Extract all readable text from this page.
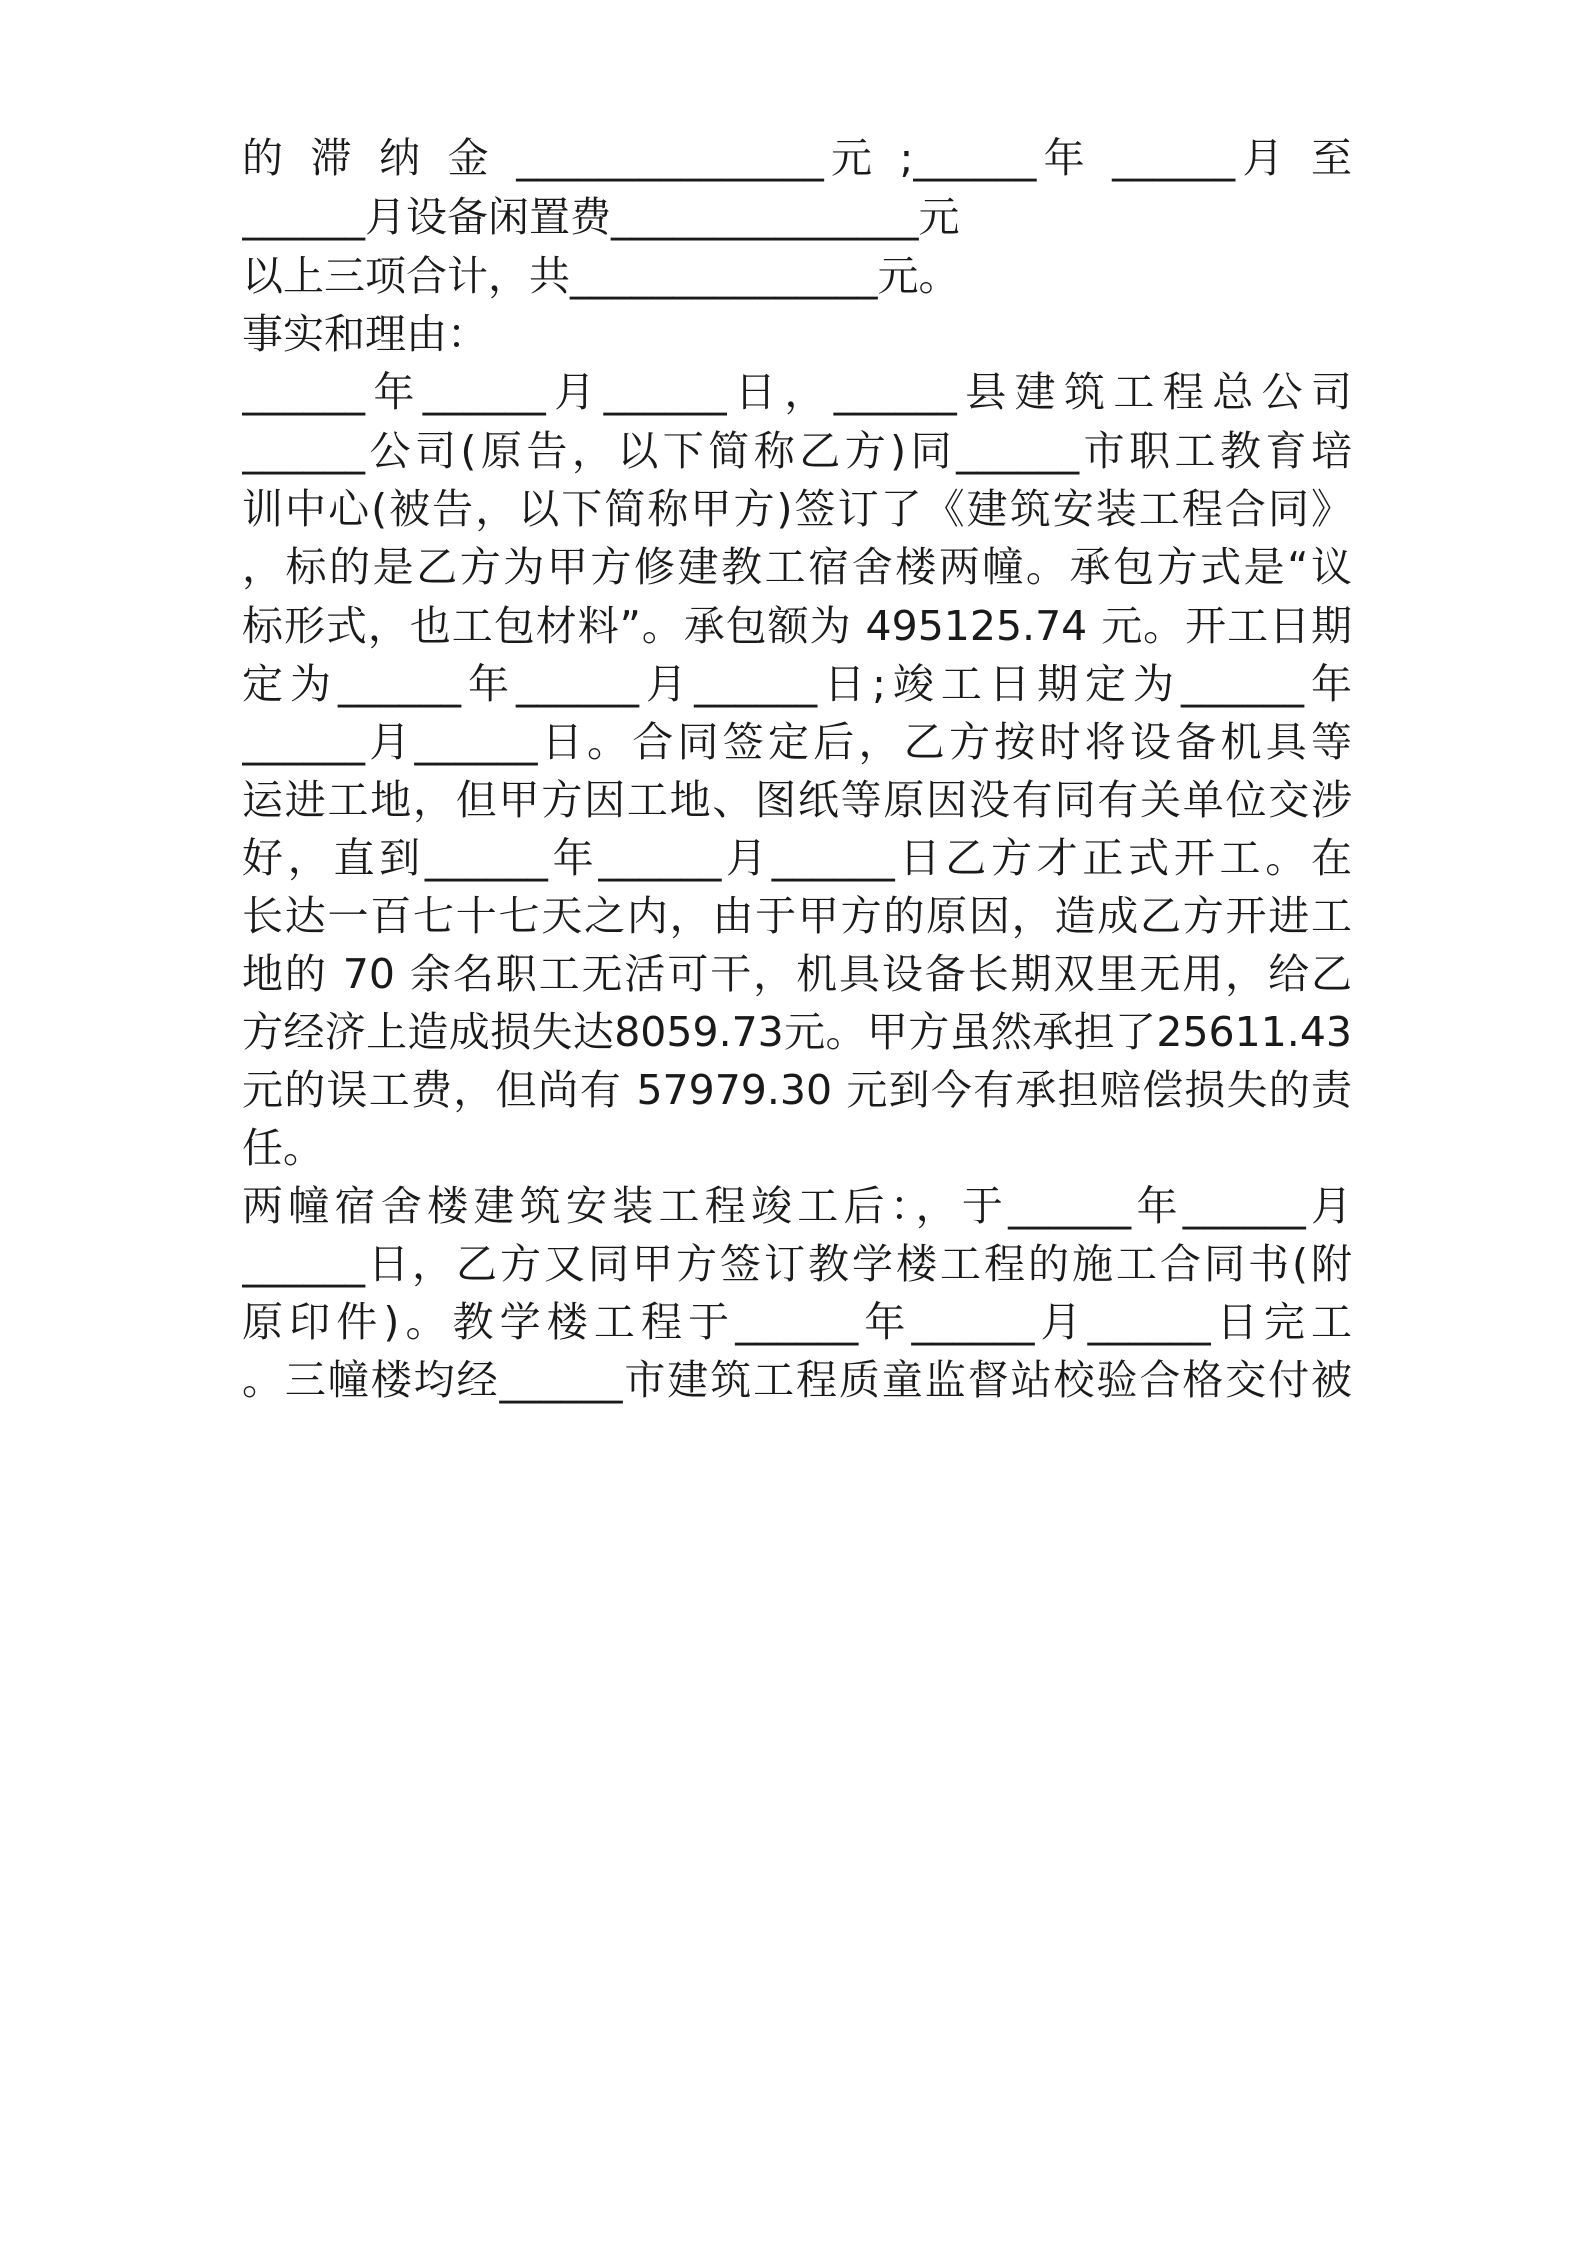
的 滞 纳 金 _______________元 ;______年 ______月 至
______月设备闲置费_______________元
以上三项合计，共_______________元。
事实和理由：
______年______月______日，______县建筑工程总公司
______公司(原告，以下简称乙方)同______市职工教育培
训中心(被告，以下简称甲方)签订了《建筑安装工程合同》
，标的是乙方为甲方修建教工宿舍楼两幢。承包方式是“议
标形式，也工包材料”。承包额为 495125.74 元。开工日期
定为______年______月______日;竣工日期定为______年
______月______日。合同签定后，乙方按时将设备机具等
运进工地，但甲方因工地、图纸等原因没有同有关单位交涉
好，直到______年______月______日乙方才正式开工。在
长达一百七十七天之内，由于甲方的原因，造成乙方开进工
地的 70 余名职工无活可干，机具设备长期双里无用，给乙
方经济上造成损失达8059.73元。甲方虽然承担了25611.43
元的误工费，但尚有 57979.30 元到今有承担赔偿损失的责
任。
两幢宿舍楼建筑安装工程竣工后：，于______年______月
______日，乙方又同甲方签订教学楼工程的施工合同书(附
原印件)。教学楼工程于______年______月______日完工
。三幢楼均经______市建筑工程质童监督站校验合格交付被
